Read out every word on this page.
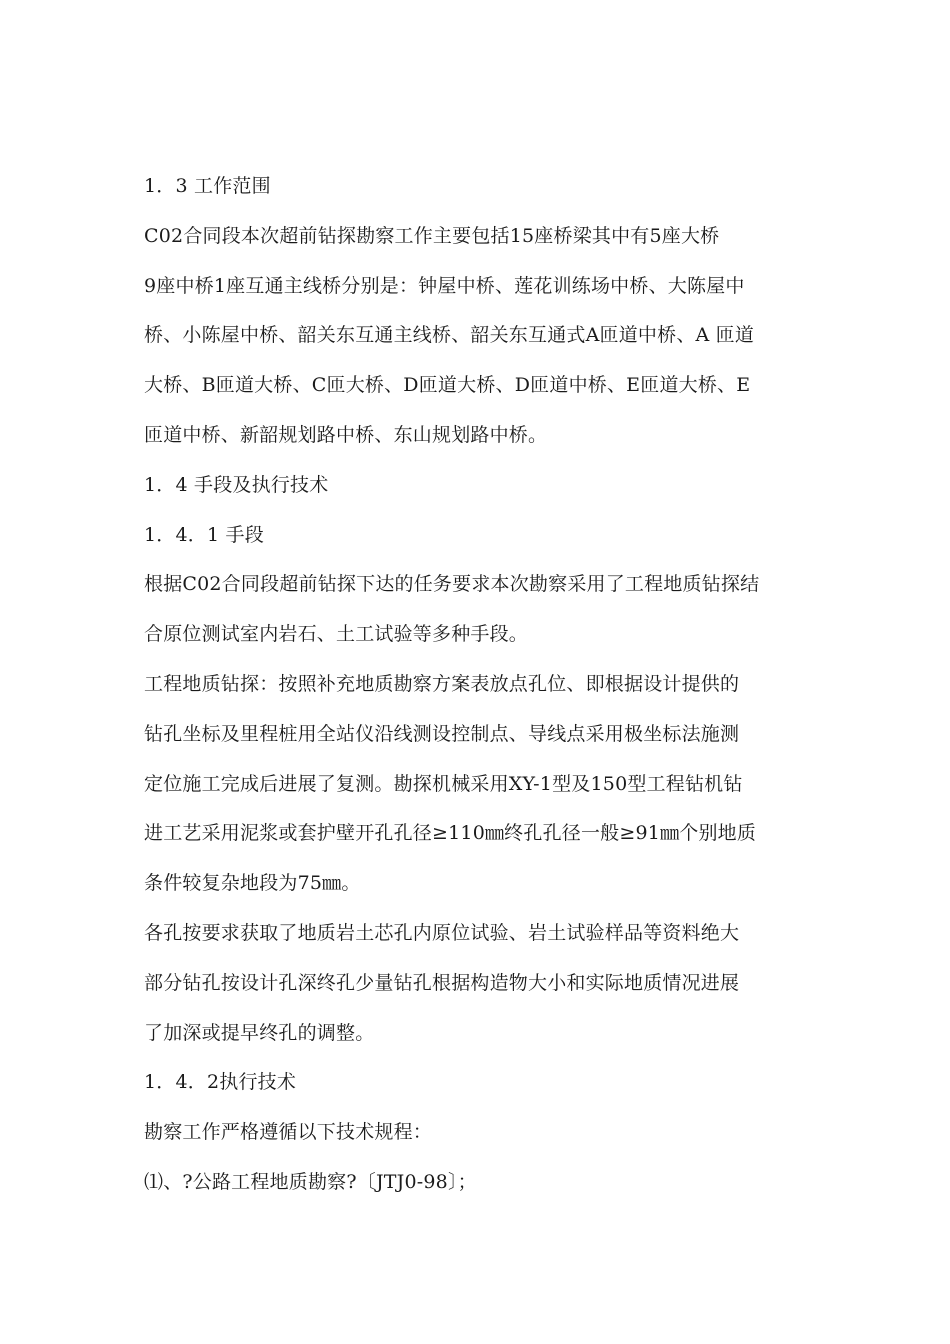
1．3 工作范围
C02合同段本次超前钻探勘察工作主要包括15座桥梁其中有5座大桥
9座中桥1座互通主线桥分别是：钟屋中桥、莲花训练场中桥、大陈屋中
桥、小陈屋中桥、韶关东互通主线桥、韶关东互通式A匝道中桥、A 匝道
大桥、B匝道大桥、C匝大桥、D匝道大桥、D匝道中桥、E匝道大桥、E
匝道中桥、新韶规划路中桥、东山规划路中桥。
1．4 手段及执行技术
1．4．1 手段
根据C02合同段超前钻探下达的任务要求本次勘察采用了工程地质钻探结
合原位测试室内岩石、土工试验等多种手段。
工程地质钻探：按照补充地质勘察方案表放点孔位、即根据设计提供的
钻孔坐标及里程桩用全站仪沿线测设控制点、导线点采用极坐标法施测
定位施工完成后进展了复测。勘探机械采用XY-1型及150型工程钻机钻
进工艺采用泥浆或套护壁开孔孔径≥110㎜终孔孔径一般≥91㎜个别地质
条件较复杂地段为75㎜。
各孔按要求获取了地质岩土芯孔内原位试验、岩土试验样品等资料绝大
部分钻孔按设计孔深终孔少量钻孔根据构造物大小和实际地质情况进展
了加深或提早终孔的调整。
1．4．2执行技术
勘察工作严格遵循以下技术规程：
⑴、?公路工程地质勘察?〔JTJ0-98〕；
